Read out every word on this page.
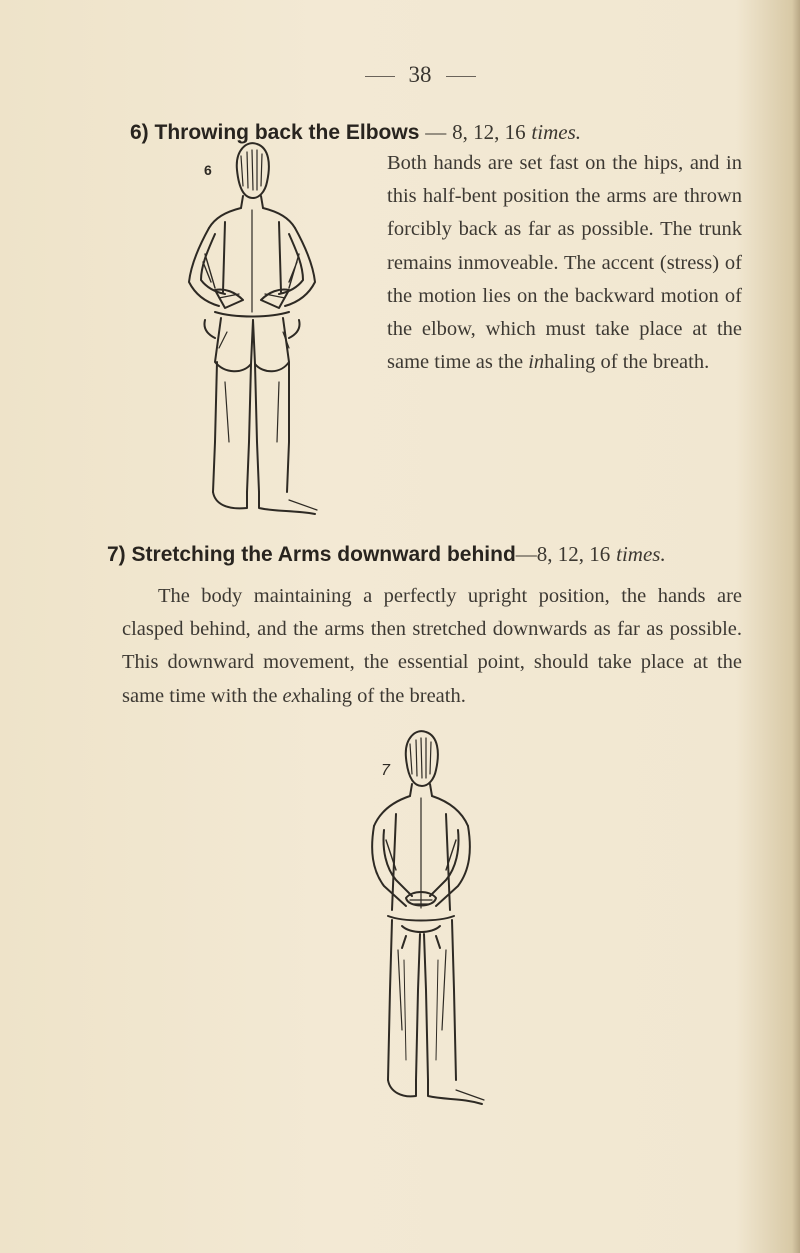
38
6) Throwing back the Elbows — 8, 12, 16 times.
6	Both hands are set fast on the hips, and in this half-bent position the arms are thrown forcibly back as far as possible. The trunk remains inmoveable. The accent (stress) of the motion lies on the backward motion of the elbow, which must take place at the same time as the inhaling of the breath.
7) Stretching the Arms downward behind—8, 12, 16 times.
The body maintaining a perfectly upright position, the hands are clasped behind, and the arms then stretched downwards as far as possible. This downward movement, the essential point, should take place at the same time with the exhaling of the breath.
7
